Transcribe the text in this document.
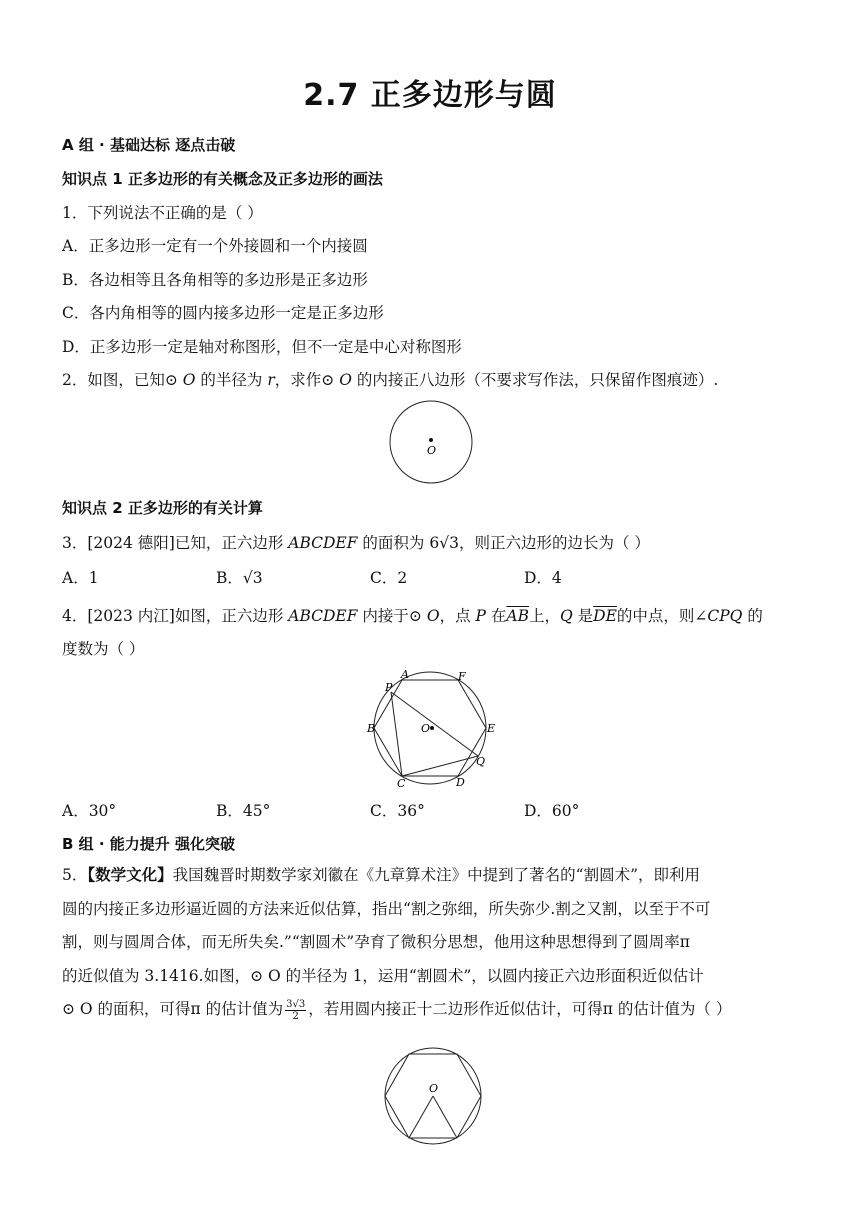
2.7 正多边形与圆
A 组 · 基础达标 逐点击破
知识点 1 正多边形的有关概念及正多边形的画法
1．下列说法不正确的是（ ）
A．正多边形一定有一个外接圆和一个内接圆
B．各边相等且各角相等的多边形是正多边形
C．各内角相等的圆内接多边形一定是正多边形
D．正多边形一定是轴对称图形，但不一定是中心对称图形
2．如图，已知⊙ O 的半径为 r，求作⊙ O 的内接正八边形（不要求写作法，只保留作图痕迹）.
O
知识点 2 正多边形的有关计算
3．[2024 德阳]已知，正六边形 ABCDEF 的面积为 6√3，则正六边形的边长为（ ）
A．1	B．√3	C．2	D．4
4．[2023 内江]如图，正六边形 ABCDEF 内接于⊙ O，点 P 在$\overline{AB}$上，Q 是$\overline{DE}$的中点，则∠CPQ 的
度数为（ ）
A	F
P
B	O	E
C	D
Q
A．30°	B．45°	C．36°	D．60°
B 组 · 能力提升 强化突破
5．【数学文化】我国魏晋时期数学家刘徽在《九章算术注》中提到了著名的“割圆术”，即利用
圆的内接正多边形逼近圆的方法来近似估算，指出“割之弥细，所失弥少.割之又割，以至于不可
割，则与圆周合体，而无所失矣.”“割圆术”孕育了微积分思想，他用这种思想得到了圆周率π
的近似值为 3.1416.如图，⊙ O 的半径为 1，运用“割圆术”，以圆内接正六边形面积近似估计
⊙ O 的面积，可得π 的估计值为 $\frac{3√3}{2}$ ，若用圆内接正十二边形作近似估计，可得π 的估计值为（ ）
O
